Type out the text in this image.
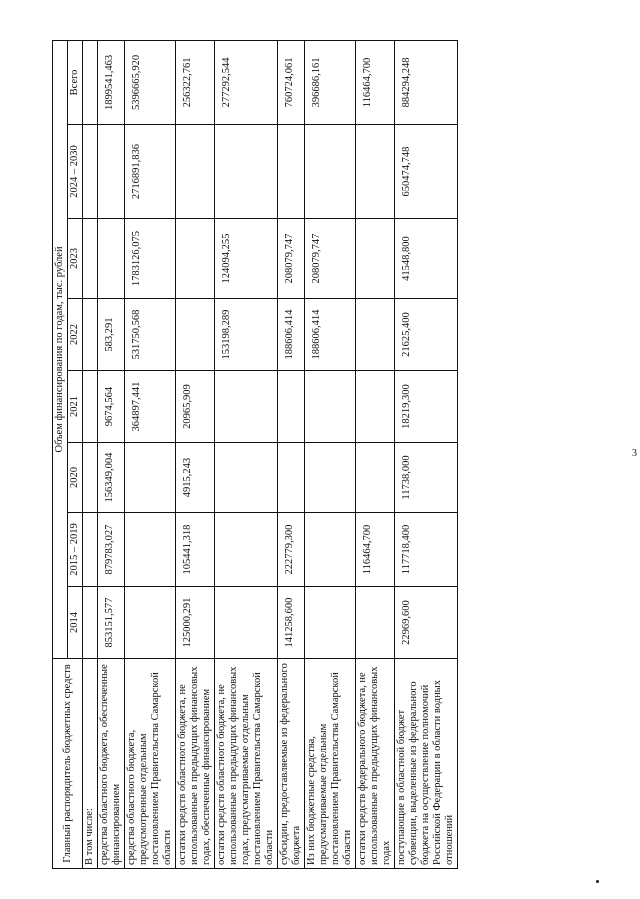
3
Главный распорядитель бюджетных средств	Объем финансирования по годам, тыс. рублей							
	2014	2015 – 2019	2020	2021	2022	2023	2024 – 2030	Всего
В том числе:								
средства областного бюджета, обеспеченные финансированием	853151,577	879783,027	156349,004	9674,564	583,291			1899541,463
средства областного бюджета, предусмотренные отдельным постановлением Правительства Самарской области				364897,441	531750,568	1783126,075	2716891,836	5396665,920
остатки средств областного бюджета, не использованные в предыдущих финансовых годах, обеспеченные финансированием	125000,291	105441,318	4915,243	20965,909				256322,761
остатки средств областного бюджета, не использованные в предыдущих финансовых годах, предусматриваемые отдельным постановлением Правительства Самарской области					153198,289	124094,255		277292,544
субсидии, предоставляемые из федерального бюджета	141258,600	222779,300			188606,414	208079,747		760724,061
Из них бюджетные средства, предусматриваемые отдельным постановлением Правительства Самарской области					188606,414	208079,747		396686,161
остатки средств федерального бюджета, не использованные в предыдущих финансовых годах		116464,700						116464,700
поступающие в областной бюджет субвенции, выделенные из федерального бюджета на осуществление полномочий Российской Федерации в области водных отношений	22969,600	117718,400	11738,000	18219,300	21625,400	41548,800	650474,748	884294,248
